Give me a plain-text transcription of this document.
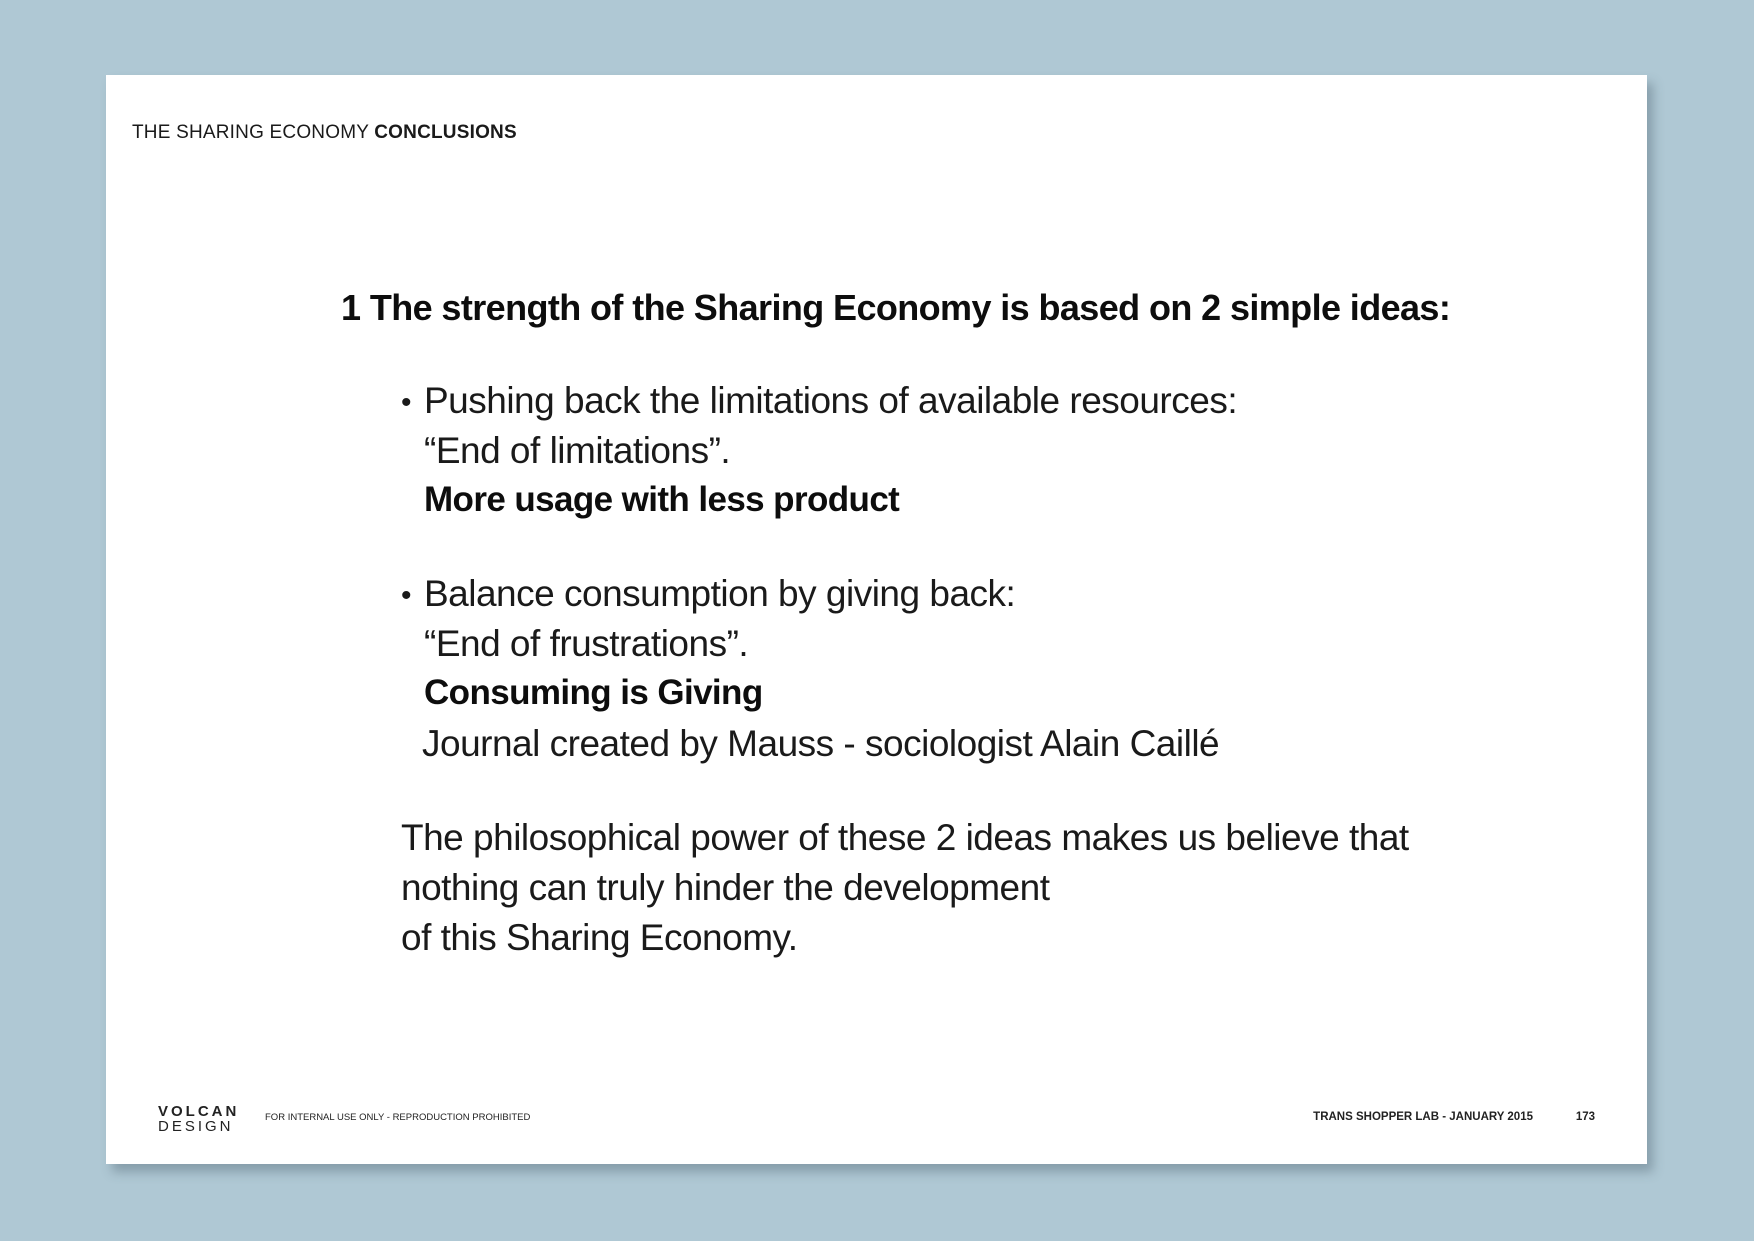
THE SHARING ECONOMY CONCLUSIONS
1 The strength of the Sharing Economy is based on 2 simple ideas:
• Pushing back the limitations of available resources:
“End of limitations”.
More usage with less product
• Balance consumption by giving back:
“End of frustrations”.
Consuming is Giving
Journal created by Mauss - sociologist Alain Caillé
The philosophical power of these 2 ideas makes us believe that
nothing can truly hinder the development
of this Sharing Economy.
VOLCAN
DESIGN
FOR INTERNAL USE ONLY - REPRODUCTION PROHIBITED	TRANS SHOPPER LAB - JANUARY 2015	173
